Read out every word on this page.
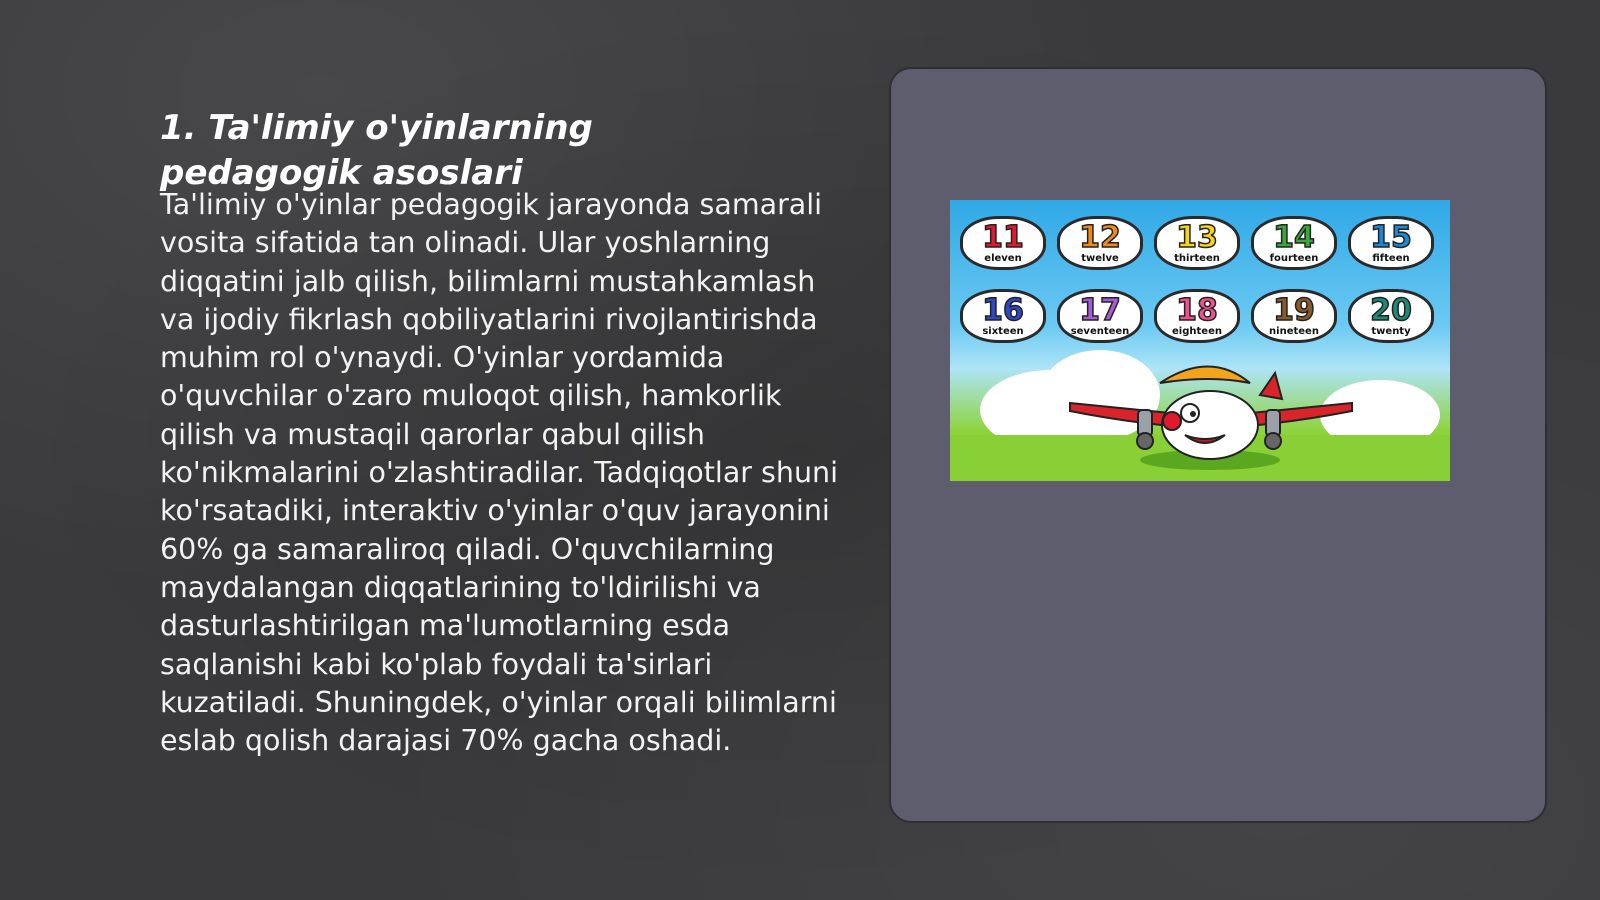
1. Ta'limiy o'yinlarning pedagogik asoslari

Ta'limiy o'yinlar pedagogik jarayonda samarali vosita sifatida tan olinadi. Ular yoshlarning diqqatini jalb qilish, bilimlarni mustahkamlash va ijodiy fikrlash qobiliyatlarini rivojlantirishda muhim rol o'ynaydi. O'yinlar yordamida o'quvchilar o'zaro muloqot qilish, hamkorlik qilish va mustaqil qarorlar qabul qilish ko'nikmalarini o'zlashtiradilar. Tadqiqotlar shuni ko'rsatadiki, interaktiv o'yinlar o'quv jarayonini 60% ga samaraliroq qiladi. O'quvchilarning maydalangan diqqatlarining to'ldirilishi va dasturlashtirilgan ma'lumotlarning esda saqlanishi kabi ko'plab foydali ta'sirlari kuzatiladi. Shuningdek, o'yinlar orqali bilimlarni eslab qolish darajasi 70% gacha oshadi.

11
eleven
12
twelve
13
thirteen
14
fourteen
15
fifteen
16
sixteen
17
seventeen
18
eighteen
19
nineteen
20
twenty
